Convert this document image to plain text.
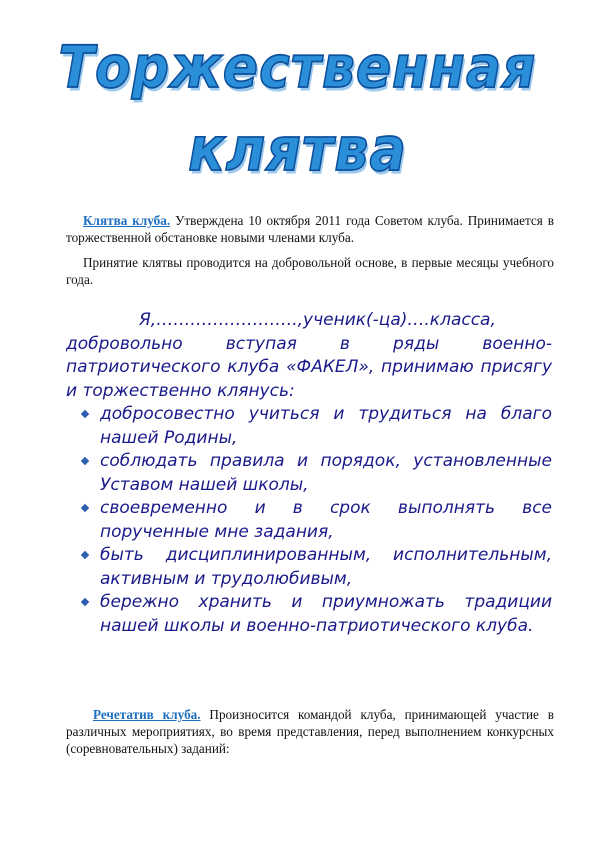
Торжественная
клятва

Клятва клуба. Утверждена 10 октября 2011 года Советом клуба. Принимается в торжественной обстановке новыми членами клуба.

Принятие клятвы проводится на добровольной основе, в первые месяцы учебного года.

Я,…………………….,ученик(-ца)….класса, добровольно вступая в ряды военно-патриотического клуба «ФАКЕЛ», принимаю присягу и торжественно клянусь:

добросовестно учиться и трудиться на благо нашей Родины,
соблюдать правила и порядок, установленные Уставом нашей школы,
своевременно и в срок выполнять все порученные мне задания,
быть дисциплинированным, исполнительным, активным и трудолюбивым,
бережно хранить и приумножать традиции нашей школы и военно-патриотического клуба.

Речетатив клуба. Произносится командой клуба, принимающей участие в различных мероприятиях, во время представления, перед выполнением конкурсных (соревновательных) заданий:
